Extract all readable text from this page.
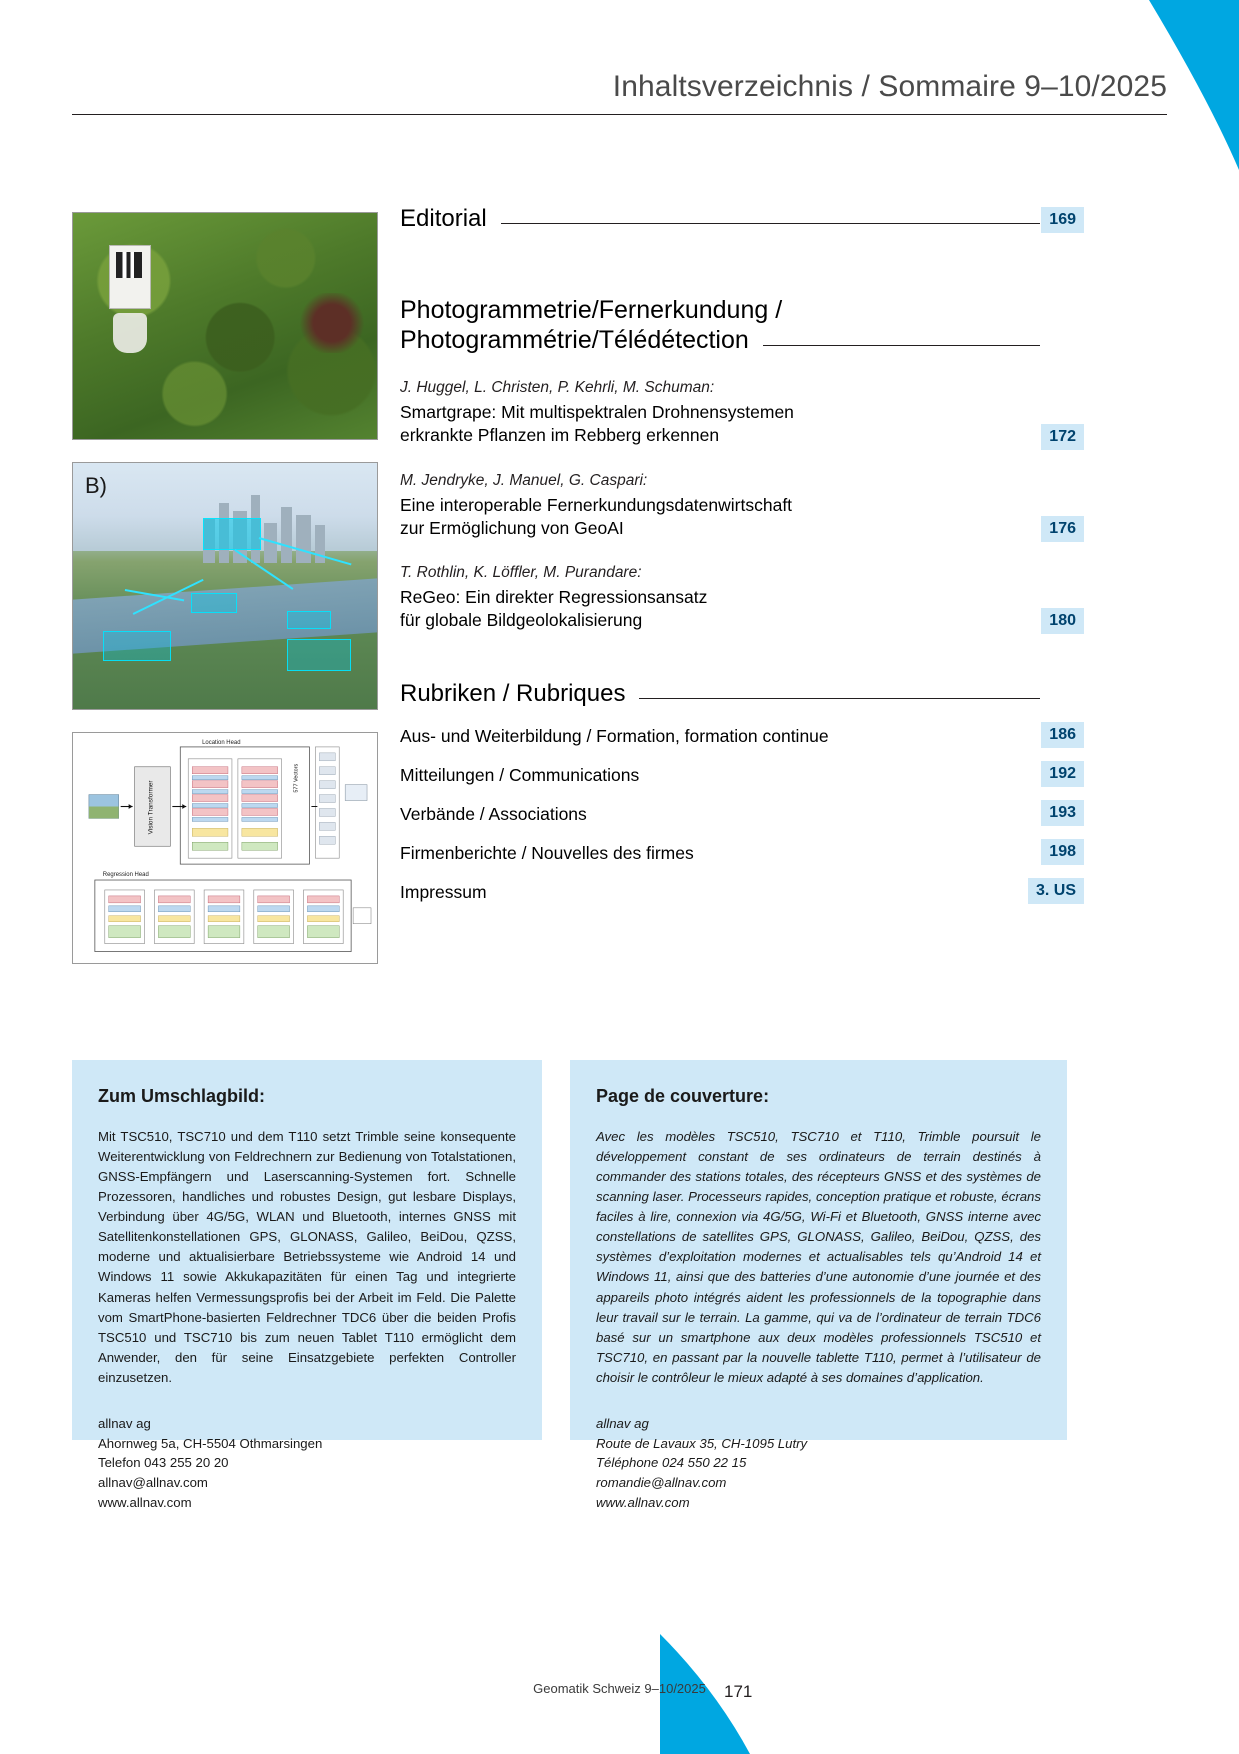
Inhaltsverzeichnis / Sommaire 9–10/2025
B)
Location Head
Vision Transformer
577 Vectors
Regression Head
Editorial	169
Photogrammetrie/Fernerkundung /
Photogrammétrie/Télédétection
J. Huggel, L. Christen, P. Kehrli, M. Schuman:
Smartgrape: Mit multispektralen Drohnensystemen
erkrankte Pflanzen im Rebberg erkennen	172
M. Jendryke, J. Manuel, G. Caspari:
Eine interoperable Fernerkundungsdatenwirtschaft
zur Ermöglichung von GeoAI	176
T. Rothlin, K. Löffler, M. Purandare:
ReGeo: Ein direkter Regressionsansatz
für globale Bildgeolokalisierung	180
Rubriken / Rubriques
Aus- und Weiterbildung / Formation, formation continue	186
Mitteilungen / Communications	192
Verbände / Associations	193
Firmenberichte / Nouvelles des firmes	198
Impressum	3. US
Zum Umschlagbild:

Mit TSC510, TSC710 und dem T110 setzt Trimble seine konsequente Weiterentwicklung von Feldrechnern zur Bedienung von Totalstationen, GNSS-Empfängern und Laserscanning-Systemen fort. Schnelle Prozessoren, handliches und robustes Design, gut lesbare Displays, Verbindung über 4G/5G, WLAN und Bluetooth, internes GNSS mit Satellitenkonstellationen GPS, GLONASS, Galileo, BeiDou, QZSS, moderne und aktualisierbare Betriebssysteme wie Android 14 und Windows 11 sowie Akkukapazitäten für einen Tag und integrierte Kameras helfen Vermessungsprofis bei der Arbeit im Feld. Die Palette vom SmartPhone-basierten Feldrechner TDC6 über die beiden Profis TSC510 und TSC710 bis zum neuen Tablet T110 ermöglicht dem Anwender, den für seine Einsatzgebiete perfekten Controller einzusetzen.

allnav ag
Ahornweg 5a, CH-5504 Othmarsingen
Telefon 043 255 20 20
allnav@allnav.com
www.allnav.com
Page de couverture:

Avec les modèles TSC510, TSC710 et T110, Trimble poursuit le développement constant de ses ordinateurs de terrain destinés à commander des stations totales, des récepteurs GNSS et des systèmes de scanning laser. Processeurs rapides, conception pratique et robuste, écrans faciles à lire, connexion via 4G/5G, Wi-Fi et Bluetooth, GNSS interne avec constellations de satellites GPS, GLONASS, Galileo, BeiDou, QZSS, des systèmes d’exploitation modernes et actualisables tels qu’Android 14 et Windows 11, ainsi que des batteries d’une autonomie d’une journée et des appareils photo intégrés aident les professionnels de la topographie dans leur travail sur le terrain. La gamme, qui va de l’ordinateur de terrain TDC6 basé sur un smartphone aux deux modèles professionnels TSC510 et TSC710, en passant par la nouvelle tablette T110, permet à l’utilisateur de choisir le contrôleur le mieux adapté à ses domaines d’application.

allnav ag
Route de Lavaux 35, CH-1095 Lutry
Téléphone 024 550 22 15
romandie@allnav.com
www.allnav.com
Geomatik Schweiz 9–10/2025	171
